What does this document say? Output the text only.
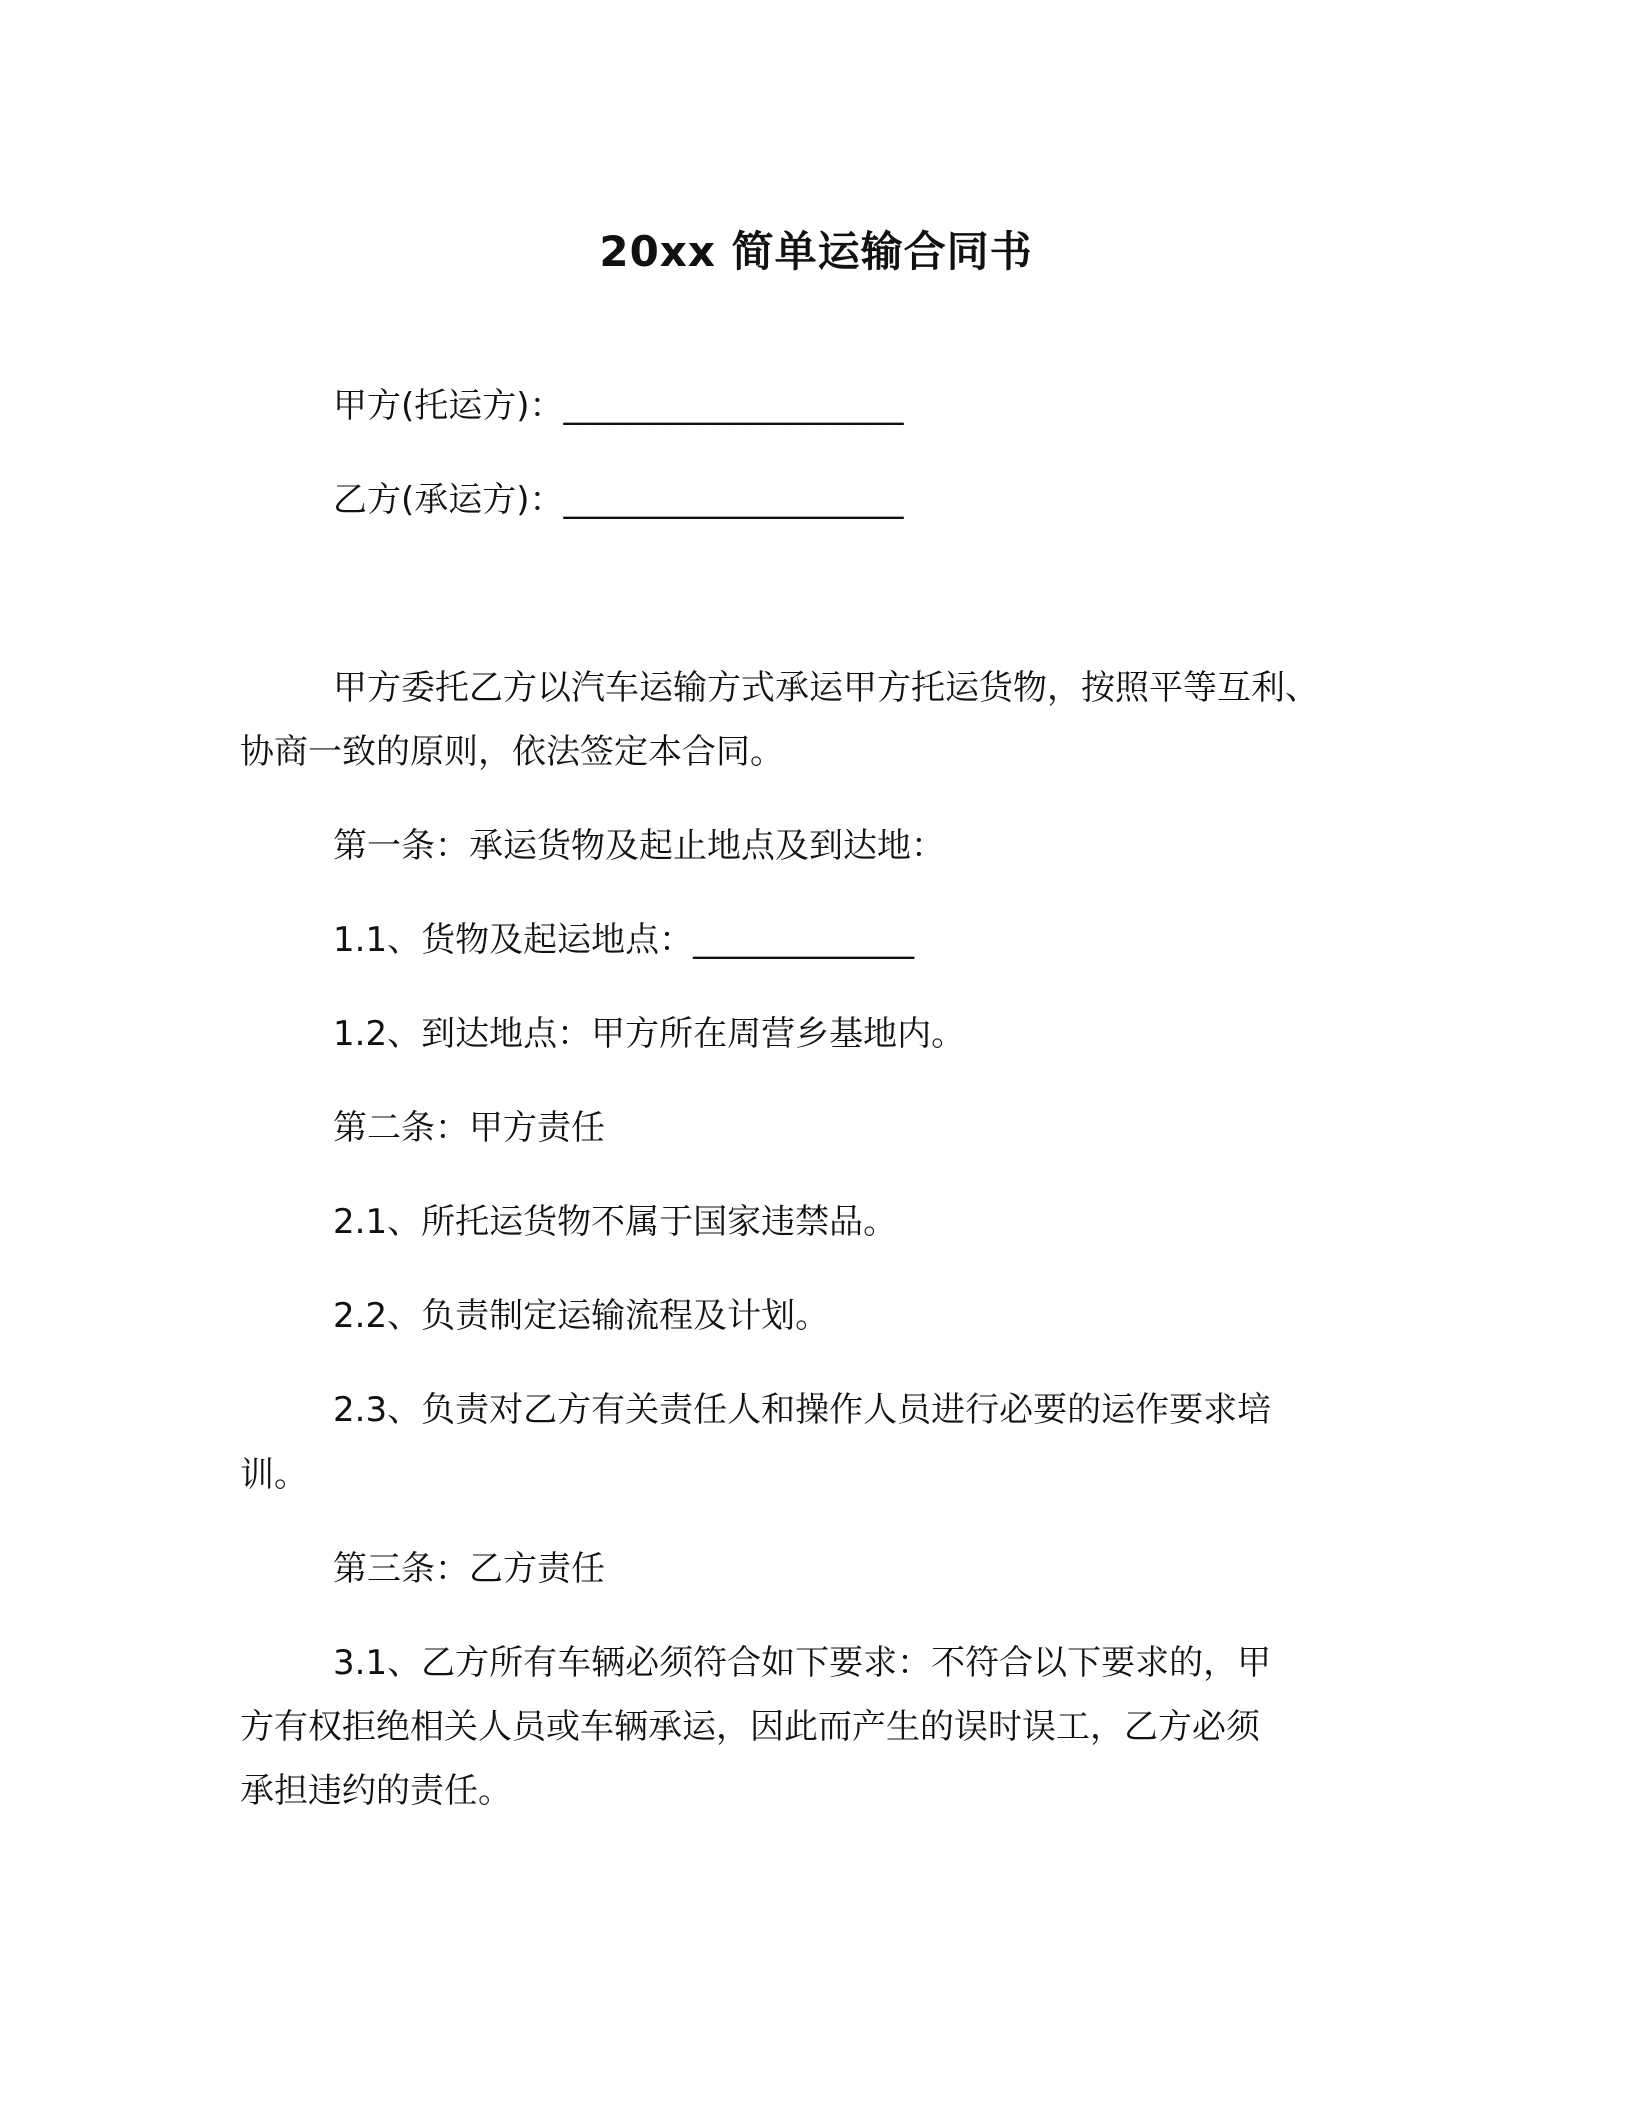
20xx 简单运输合同书
甲方(托运方)：____________________
乙方(承运方)：____________________
甲方委托乙方以汽车运输方式承运甲方托运货物，按照平等互利、
协商一致的原则，依法签定本合同。
第一条：承运货物及起止地点及到达地：
1.1、货物及起运地点：_____________
1.2、到达地点：甲方所在周营乡基地内。
第二条：甲方责任
2.1、所托运货物不属于国家违禁品。
2.2、负责制定运输流程及计划。
2.3、负责对乙方有关责任人和操作人员进行必要的运作要求培
训。
第三条：乙方责任
3.1、乙方所有车辆必须符合如下要求：不符合以下要求的，甲
方有权拒绝相关人员或车辆承运，因此而产生的误时误工，乙方必须
承担违约的责任。
